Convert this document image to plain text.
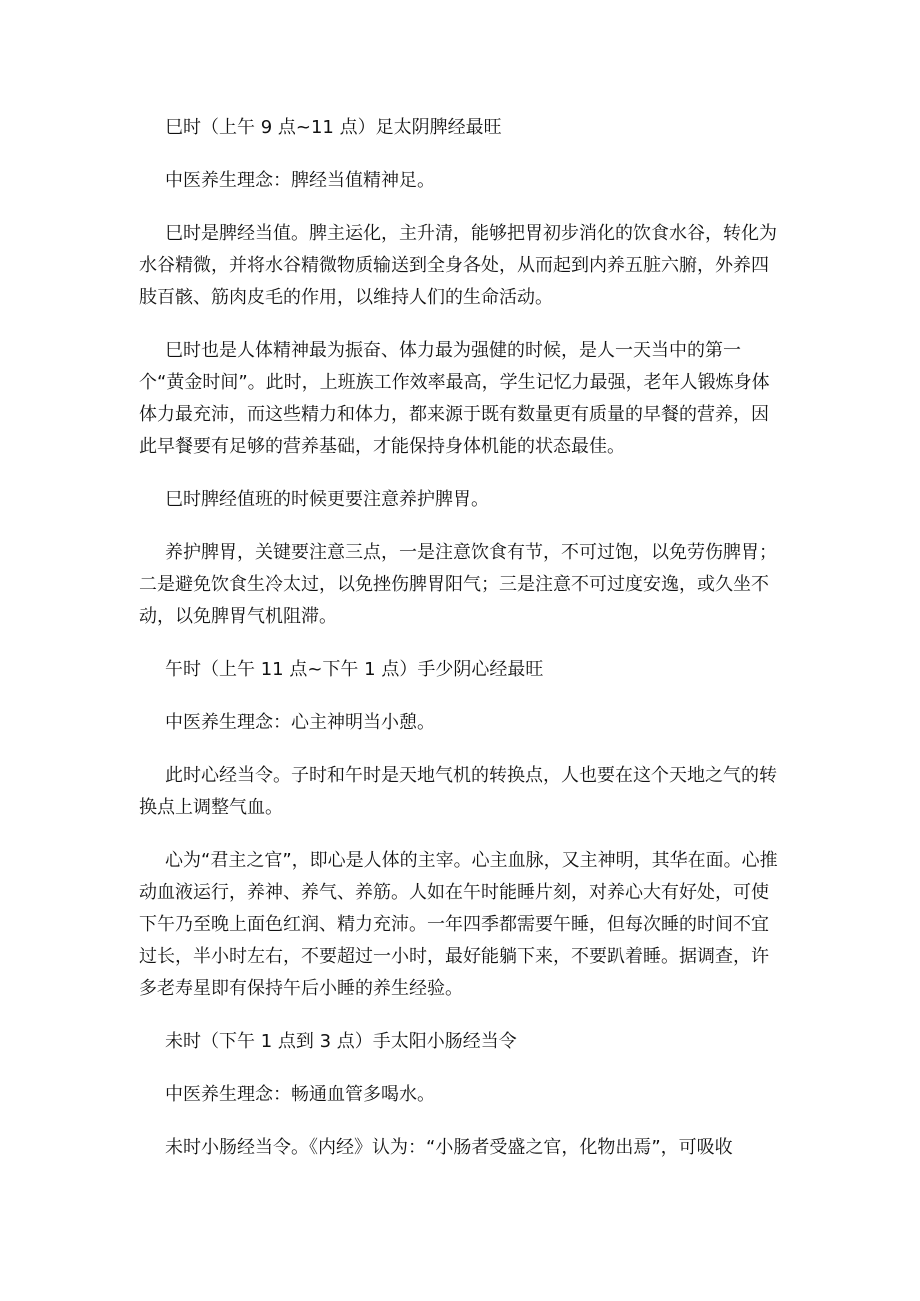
巳时（上午 9 点~11 点）足太阴脾经最旺

中医养生理念：脾经当值精神足。

巳时是脾经当值。脾主运化，主升清，能够把胃初步消化的饮食水谷，转化为水谷精微，并将水谷精微物质输送到全身各处，从而起到内养五脏六腑，外养四肢百骸、筋肉皮毛的作用，以维持人们的生命活动。

巳时也是人体精神最为振奋、体力最为强健的时候，是人一天当中的第一个“黄金时间”。此时，上班族工作效率最高，学生记忆力最强，老年人锻炼身体体力最充沛，而这些精力和体力，都来源于既有数量更有质量的早餐的营养，因此早餐要有足够的营养基础，才能保持身体机能的状态最佳。

巳时脾经值班的时候更要注意养护脾胃。

养护脾胃，关键要注意三点，一是注意饮食有节，不可过饱，以免劳伤脾胃；二是避免饮食生冷太过，以免挫伤脾胃阳气；三是注意不可过度安逸，或久坐不动，以免脾胃气机阻滞。

午时（上午 11 点~下午 1 点）手少阴心经最旺

中医养生理念：心主神明当小憩。

此时心经当令。子时和午时是天地气机的转换点，人也要在这个天地之气的转换点上调整气血。

心为“君主之官”，即心是人体的主宰。心主血脉，又主神明，其华在面。心推动血液运行，养神、养气、养筋。人如在午时能睡片刻，对养心大有好处，可使下午乃至晚上面色红润、精力充沛。一年四季都需要午睡，但每次睡的时间不宜过长，半小时左右，不要超过一小时，最好能躺下来，不要趴着睡。据调查，许多老寿星即有保持午后小睡的养生经验。

未时（下午 1 点到 3 点）手太阳小肠经当令

中医养生理念：畅通血管多喝水。

未时小肠经当令。《内经》认为：“小肠者受盛之官，化物出焉”，可吸收
